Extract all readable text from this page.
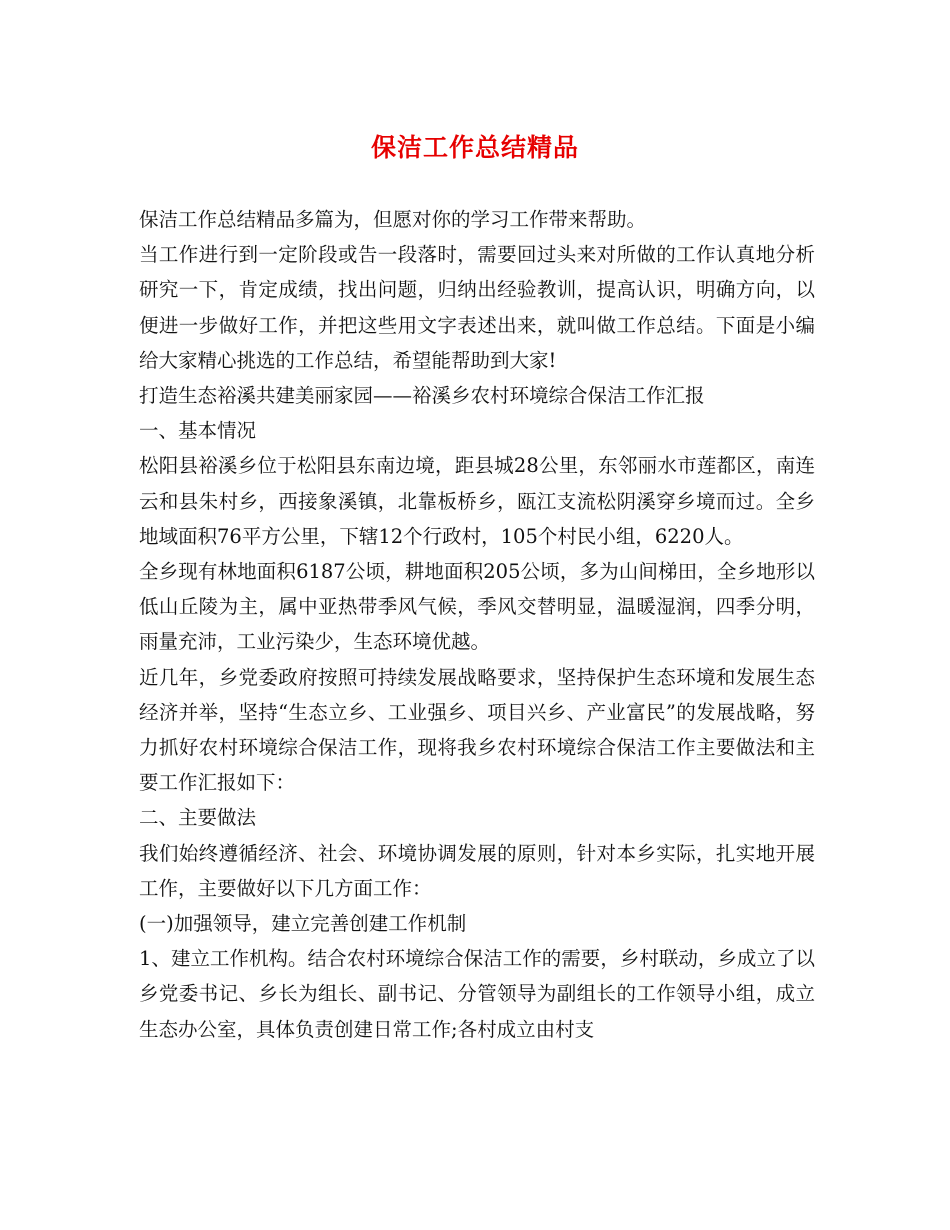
保洁工作总结精品

保洁工作总结精品多篇为，但愿对你的学习工作带来帮助。

当工作进行到一定阶段或告一段落时，需要回过头来对所做的工作认真地分析研究一下，肯定成绩，找出问题，归纳出经验教训，提高认识，明确方向，以便进一步做好工作，并把这些用文字表述出来，就叫做工作总结。下面是小编给大家精心挑选的工作总结，希望能帮助到大家!

打造生态裕溪共建美丽家园——裕溪乡农村环境综合保洁工作汇报

一、基本情况

松阳县裕溪乡位于松阳县东南边境，距县城28公里，东邻丽水市莲都区，南连云和县朱村乡，西接象溪镇，北靠板桥乡，瓯江支流松阴溪穿乡境而过。全乡地域面积76平方公里，下辖12个行政村，105个村民小组，6220人。

全乡现有林地面积6187公顷，耕地面积205公顷，多为山间梯田，全乡地形以低山丘陵为主，属中亚热带季风气候，季风交替明显，温暖湿润，四季分明，雨量充沛，工业污染少，生态环境优越。

近几年，乡党委政府按照可持续发展战略要求，坚持保护生态环境和发展生态经济并举，坚持“生态立乡、工业强乡、项目兴乡、产业富民”的发展战略，努力抓好农村环境综合保洁工作，现将我乡农村环境综合保洁工作主要做法和主要工作汇报如下：

二、主要做法

我们始终遵循经济、社会、环境协调发展的原则，针对本乡实际，扎实地开展工作，主要做好以下几方面工作：

(一)加强领导，建立完善创建工作机制

1、建立工作机构。结合农村环境综合保洁工作的需要，乡村联动，乡成立了以乡党委书记、乡长为组长、副书记、分管领导为副组长的工作领导小组，成立生态办公室，具体负责创建日常工作;各村成立由村支
